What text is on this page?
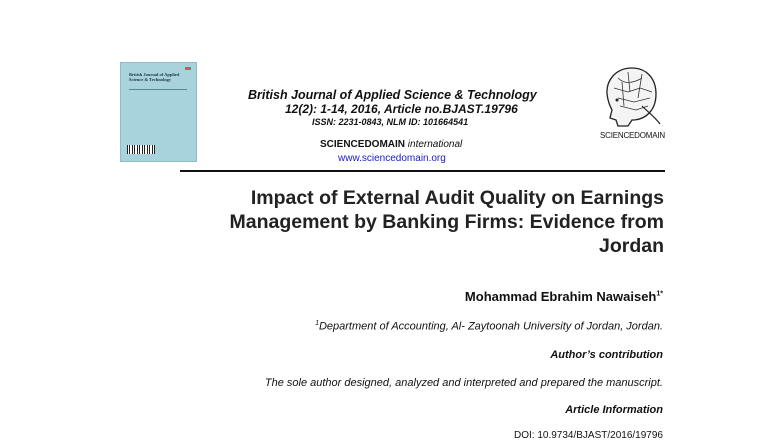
British Journal of Applied Science & Technology
British Journal of Applied Science & Technology
12(2): 1-14, 2016, Article no.BJAST.19796
ISSN: 2231-0843, NLM ID: 101664541
SCIENCEDOMAIN international
www.sciencedomain.org
SCIENCEDOMAIN
Impact of External Audit Quality on Earnings
Management by Banking Firms: Evidence from
Jordan
Mohammad Ebrahim Nawaiseh$^{1*}$
$^1$Department of Accounting, Al- Zaytoonah University of Jordan, Jordan.
Author’s contribution
The sole author designed, analyzed and interpreted and prepared the manuscript.
Article Information
DOI: 10.9734/BJAST/2016/19796
